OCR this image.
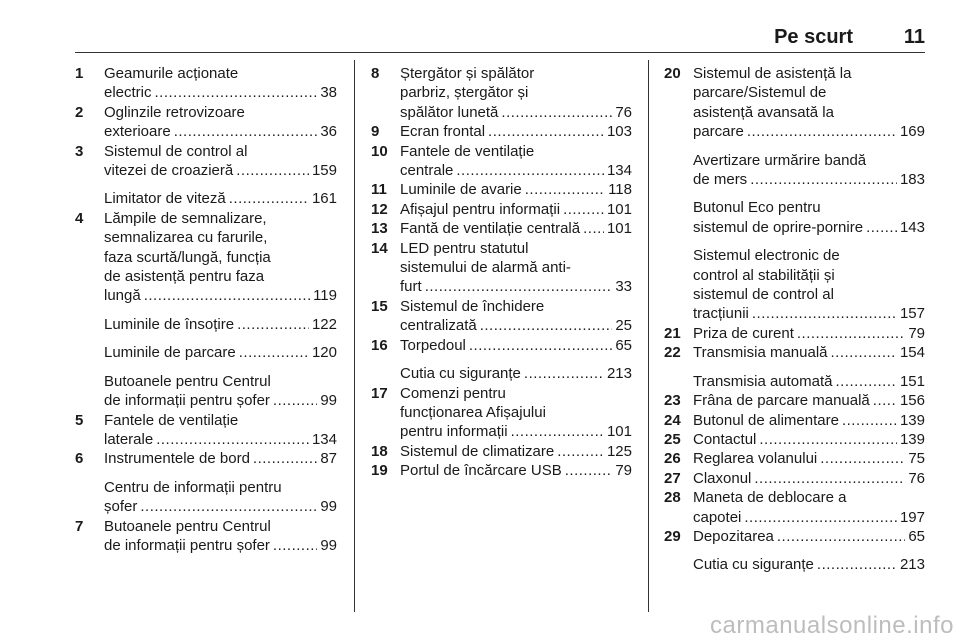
Pe scurt	11
1 Geamurile acționate
electric .....	38
2 Oglinzile retrovizoare
exterioare .....	36
3 Sistemul de control al
vitezei de croazieră .....	159
Limitator de viteză .....	161
4 Lămpile de semnalizare,
semnalizarea cu farurile,
faza scurtă/lungă, funcția
de asistență pentru faza
lungă .....	119
Luminile de însoțire .....	122
Luminile de parcare .....	120
Butoanele pentru Centrul
de informații pentru șofer .....	99
5 Fantele de ventilație
laterale .....	134
6 Instrumentele de bord .....	87
Centru de informații pentru
șofer .....	99
7 Butoanele pentru Centrul
de informații pentru șofer .....	99
8 Ștergător și spălător
parbriz, ștergător și
spălător lunetă .....	76
9 Ecran frontal .....	103
10 Fantele de ventilație
centrale .....	134
11 Luminile de avarie .....	118
12 Afișajul pentru informații .....	101
13 Fantă de ventilație centrală ..... 101
14 LED pentru statutul
sistemului de alarmă anti-
furt .....	33
15 Sistemul de închidere
centralizată .....	25
16 Torpedoul .....	65
Cutia cu siguranțe .....	213
17 Comenzi pentru
funcționarea Afișajului
pentru informații .....	101
18 Sistemul de climatizare .....	125
19 Portul de încărcare USB .....	79
20 Sistemul de asistență la
parcare/Sistemul de
asistență avansată la
parcare .....	169
Avertizare urmărire bandă
de mers .....	183
Butonul Eco pentru
sistemul de oprire-pornire ..... 143
Sistemul electronic de
control al stabilității și
sistemul de control al
tracțiunii .....	157
21 Priza de curent .....	79
22 Transmisia manuală .....	154
Transmisia automată .....	151
23 Frâna de parcare manuală ..... 156
24 Butonul de alimentare .....	139
25 Contactul .....	139
26 Reglarea volanului .....	75
27 Claxonul .....	76
28 Maneta de deblocare a
capotei .....	197
29 Depozitarea .....	65
Cutia cu siguranțe .....	213
carmanualsonline.info
